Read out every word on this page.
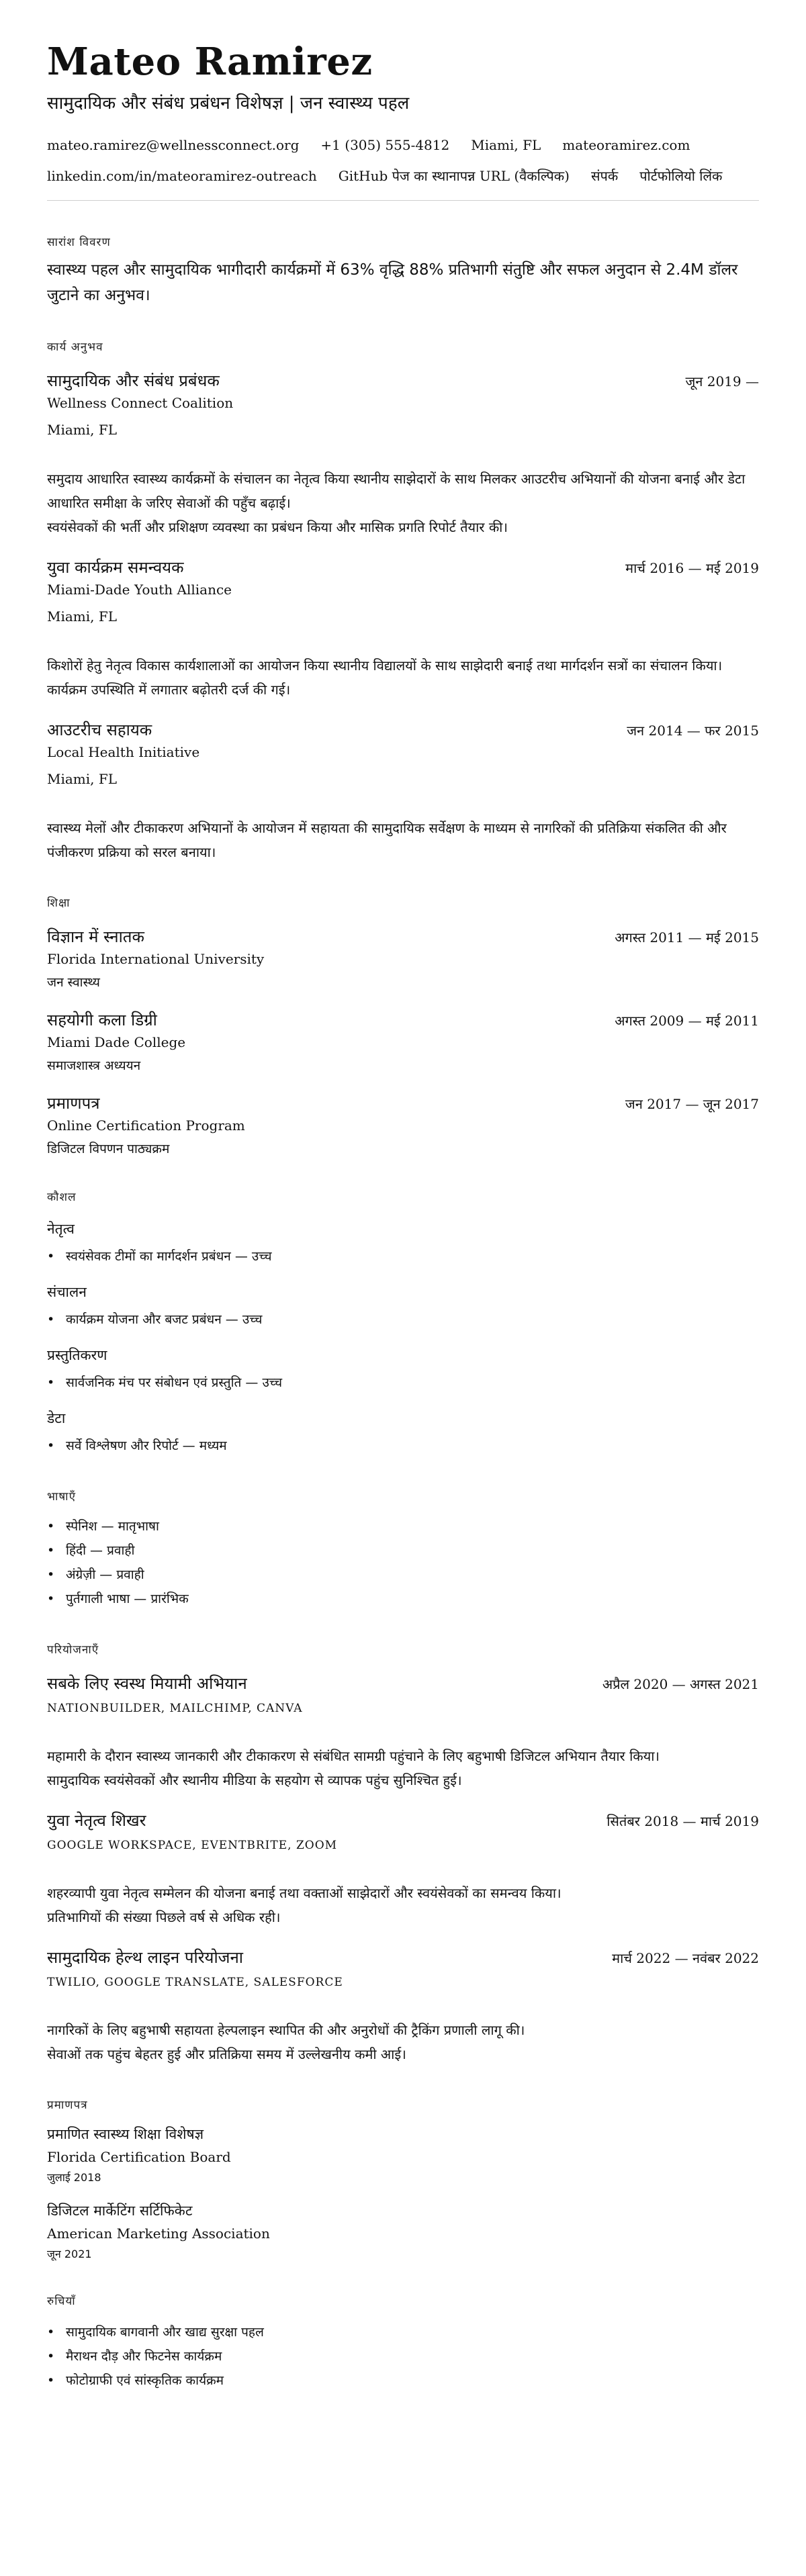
Mateo Ramirez
सामुदायिक और संबंध प्रबंधन विशेषज्ञ | जन स्वास्थ्य पहल
mateo.ramirez@wellnessconnect.org +1 (305) 555-4812 Miami, FL mateoramirez.com
linkedin.com/in/mateoramirez-outreach GitHub पेज का स्थानापन्न URL (वैकल्पिक) संपर्क पोर्टफोलियो लिंक
सारांश विवरण
स्वास्थ्य पहल और सामुदायिक भागीदारी कार्यक्रमों में 63% वृद्धि 88% प्रतिभागी संतुष्टि और सफल अनुदान से 2.4M डॉलर जुटाने का अनुभव।
कार्य अनुभव
सामुदायिक और संबंध प्रबंधक	जून 2019 —
Wellness Connect Coalition
Miami, FL
समुदाय आधारित स्वास्थ्य कार्यक्रमों के संचालन का नेतृत्व किया स्थानीय साझेदारों के साथ मिलकर आउटरीच अभियानों की योजना बनाई और डेटा आधारित समीक्षा के जरिए सेवाओं की पहुँच बढ़ाई।
स्वयंसेवकों की भर्ती और प्रशिक्षण व्यवस्था का प्रबंधन किया और मासिक प्रगति रिपोर्ट तैयार की।
युवा कार्यक्रम समन्वयक	मार्च 2016 — मई 2019
Miami-Dade Youth Alliance
Miami, FL
किशोरों हेतु नेतृत्व विकास कार्यशालाओं का आयोजन किया स्थानीय विद्यालयों के साथ साझेदारी बनाई तथा मार्गदर्शन सत्रों का संचालन किया।
कार्यक्रम उपस्थिति में लगातार बढ़ोतरी दर्ज की गई।
आउटरीच सहायक	जन 2014 — फर 2015
Local Health Initiative
Miami, FL
स्वास्थ्य मेलों और टीकाकरण अभियानों के आयोजन में सहायता की सामुदायिक सर्वेक्षण के माध्यम से नागरिकों की प्रतिक्रिया संकलित की और पंजीकरण प्रक्रिया को सरल बनाया।
शिक्षा
विज्ञान में स्नातक	अगस्त 2011 — मई 2015
Florida International University
जन स्वास्थ्य
सहयोगी कला डिग्री	अगस्त 2009 — मई 2011
Miami Dade College
समाजशास्त्र अध्ययन
प्रमाणपत्र	जन 2017 — जून 2017
Online Certification Program
डिजिटल विपणन पाठ्यक्रम
कौशल
नेतृत्व
• स्वयंसेवक टीमों का मार्गदर्शन प्रबंधन — उच्च
संचालन
• कार्यक्रम योजना और बजट प्रबंधन — उच्च
प्रस्तुतिकरण
• सार्वजनिक मंच पर संबोधन एवं प्रस्तुति — उच्च
डेटा
• सर्वे विश्लेषण और रिपोर्ट — मध्यम
भाषाएँ
• स्पेनिश — मातृभाषा
• हिंदी — प्रवाही
• अंग्रेज़ी — प्रवाही
• पुर्तगाली भाषा — प्रारंभिक
परियोजनाएँ
सबके लिए स्वस्थ मियामी अभियान	अप्रैल 2020 — अगस्त 2021
NATIONBUILDER, MAILCHIMP, CANVA
महामारी के दौरान स्वास्थ्य जानकारी और टीकाकरण से संबंधित सामग्री पहुंचाने के लिए बहुभाषी डिजिटल अभियान तैयार किया।
सामुदायिक स्वयंसेवकों और स्थानीय मीडिया के सहयोग से व्यापक पहुंच सुनिश्चित हुई।
युवा नेतृत्व शिखर	सितंबर 2018 — मार्च 2019
GOOGLE WORKSPACE, EVENTBRITE, ZOOM
शहरव्यापी युवा नेतृत्व सम्मेलन की योजना बनाई तथा वक्ताओं साझेदारों और स्वयंसेवकों का समन्वय किया।
प्रतिभागियों की संख्या पिछले वर्ष से अधिक रही।
सामुदायिक हेल्थ लाइन परियोजना	मार्च 2022 — नवंबर 2022
TWILIO, GOOGLE TRANSLATE, SALESFORCE
नागरिकों के लिए बहुभाषी सहायता हेल्पलाइन स्थापित की और अनुरोधों की ट्रैकिंग प्रणाली लागू की।
सेवाओं तक पहुंच बेहतर हुई और प्रतिक्रिया समय में उल्लेखनीय कमी आई।
प्रमाणपत्र
प्रमाणित स्वास्थ्य शिक्षा विशेषज्ञ
Florida Certification Board
जुलाई 2018
डिजिटल मार्केटिंग सर्टिफिकेट
American Marketing Association
जून 2021
रुचियाँ
• सामुदायिक बागवानी और खाद्य सुरक्षा पहल
• मैराथन दौड़ और फिटनेस कार्यक्रम
• फोटोग्राफी एवं सांस्कृतिक कार्यक्रम
